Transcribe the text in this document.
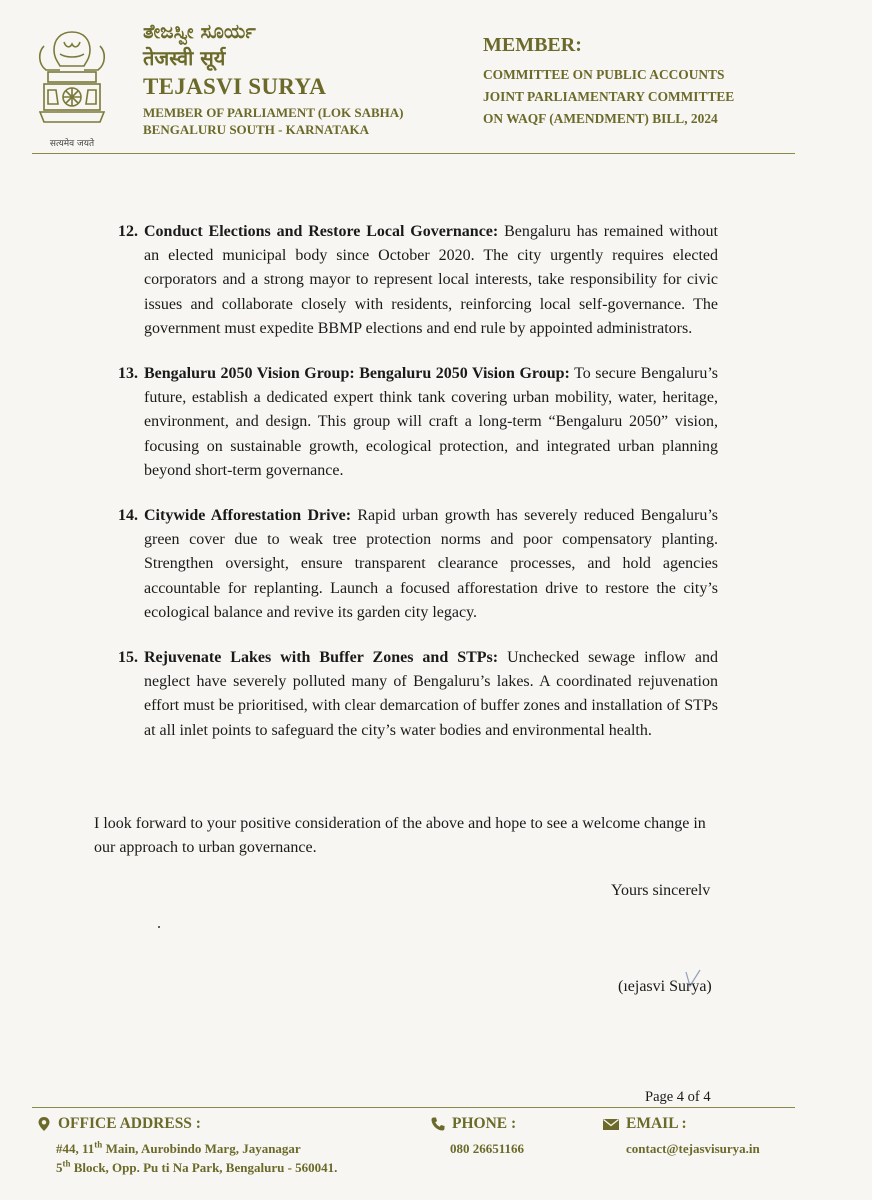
सत्यमेव जयते
ತೇಜಸ್ವೀ ಸೂರ್ಯ
तेजस्वी सूर्य
TEJASVI SURYA
MEMBER OF PARLIAMENT (LOK SABHA)
BENGALURU SOUTH - KARNATAKA
MEMBER:
COMMITTEE ON PUBLIC ACCOUNTS
JOINT PARLIAMENTARY COMMITTEE
ON WAQF (AMENDMENT) BILL, 2024
12. Conduct Elections and Restore Local Governance: Bengaluru has remained without an elected municipal body since October 2020. The city urgently requires elected corporators and a strong mayor to represent local interests, take responsibility for civic issues and collaborate closely with residents, reinforcing local self-governance. The government must expedite BBMP elections and end rule by appointed administrators.
13. Bengaluru 2050 Vision Group: Bengaluru 2050 Vision Group: To secure Bengaluru’s future, establish a dedicated expert think tank covering urban mobility, water, heritage, environment, and design. This group will craft a long-term “Bengaluru 2050” vision, focusing on sustainable growth, ecological protection, and integrated urban planning beyond short-term governance.
14. Citywide Afforestation Drive: Rapid urban growth has severely reduced Bengaluru’s green cover due to weak tree protection norms and poor compensatory planting. Strengthen oversight, ensure transparent clearance processes, and hold agencies accountable for replanting. Launch a focused afforestation drive to restore the city’s ecological balance and revive its garden city legacy.
15. Rejuvenate Lakes with Buffer Zones and STPs: Unchecked sewage inflow and neglect have severely polluted many of Bengaluru’s lakes. A coordinated rejuvenation effort must be prioritised, with clear demarcation of buffer zones and installation of STPs at all inlet points to safeguard the city’s water bodies and environmental health.
I look forward to your positive consideration of the above and hope to see a welcome change in our approach to urban governance.
Yours sincerelv
(ıejasvi Surya)
Page 4 of 4
OFFICE ADDRESS :
#44, 11th Main, Aurobindo Marg, Jayanagar
5th Block, Opp. Pu ti Na Park, Bengaluru - 560041.
PHONE :
080 26651166
EMAIL :
contact@tejasvisurya.in
